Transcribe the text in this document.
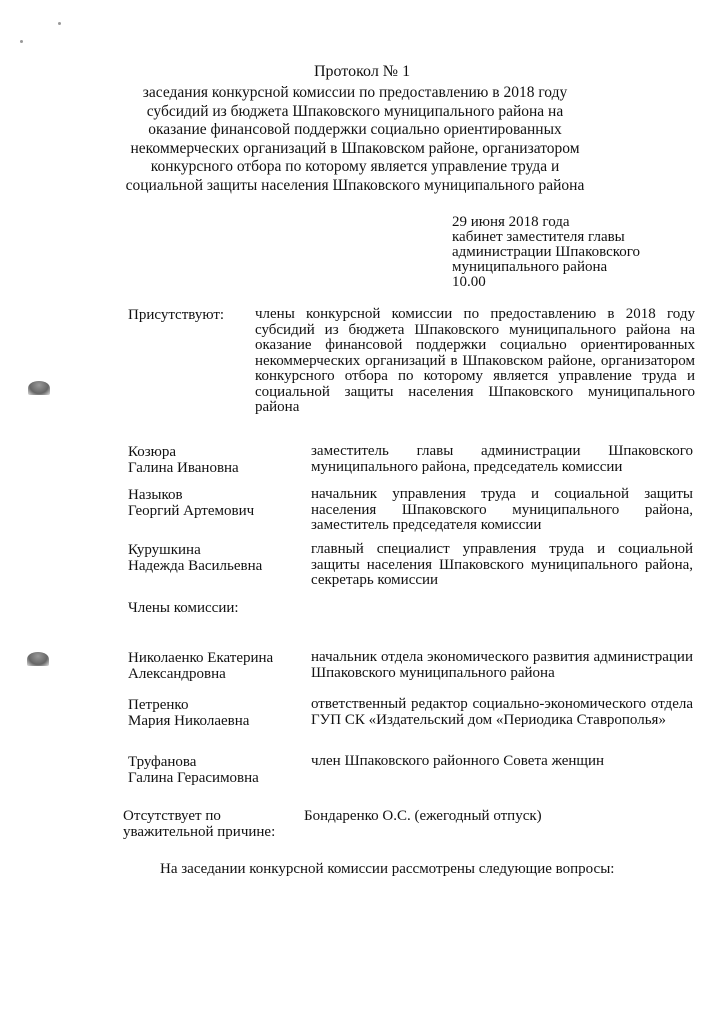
Протокол № 1
заседания конкурсной комиссии по предоставлению в 2018 году субсидий из бюджета Шпаковского муниципального района на оказание финансовой поддержки социально ориентированных некоммерческих организаций в Шпаковском районе, организатором конкурсного отбора по которому является управление труда и социальной защиты населения Шпаковского муниципального района
29 июня 2018 года
кабинет заместителя главы
администрации Шпаковского
муниципального района
10.00
Присутствуют: члены конкурсной комиссии по предоставлению в 2018 году субсидий из бюджета Шпаковского муниципального района на оказание финансовой поддержки социально ориентированных некоммерческих организаций в Шпаковском районе, организатором конкурсного отбора по которому является управление труда и социальной защиты населения Шпаковского муниципального района
Козюра
Галина Ивановна
заместитель главы администрации Шпаковского муниципального района, председатель комиссии
Назыков
Георгий Артемович
начальник управления труда и социальной защиты населения Шпаковского муниципального района, заместитель председателя комиссии
Курушкина
Надежда Васильевна
главный специалист управления труда и социальной защиты населения Шпаковского муниципального района, секретарь комиссии
Члены комиссии:
Николаенко Екатерина
Александровна
начальник отдела экономического развития администрации Шпаковского муниципального района
Петренко
Мария Николаевна
ответственный редактор социально-экономического отдела ГУП СК «Издательский дом «Периодика Ставрополья»
Труфанова
Галина Герасимовна
член Шпаковского районного Совета женщин
Отсутствует по
уважительной причине:
Бондаренко О.С. (ежегодный отпуск)
На заседании конкурсной комиссии рассмотрены следующие вопросы:
